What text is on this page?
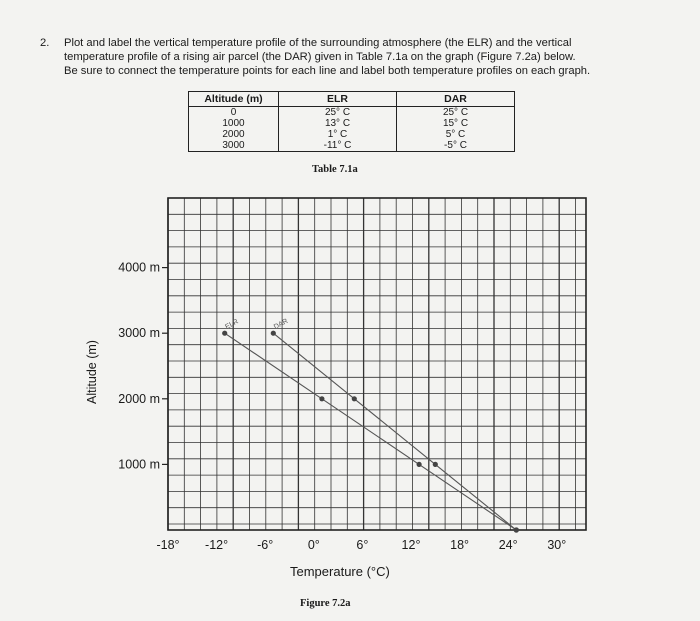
2. Plot and label the vertical temperature profile of the surrounding atmosphere (the ELR) and the vertical
temperature profile of a rising air parcel (the DAR) given in Table 7.1a on the graph (Figure 7.2a) below.
Be sure to connect the temperature points for each line and label both temperature profiles on each graph.
Altitude (m)	ELR	DAR
0	25° C	25° C
1000	13° C	15° C
2000	1° C	5° C
3000	-11° C	-5° C
Table 7.1a
-18° -12° -6°	0°	6°	12° 18° 24° 30°
1000 m
2000 m
3000 m
4000 m
ELR	DAR
Altitude (m)
Temperature (°C)
Figure 7.2a
